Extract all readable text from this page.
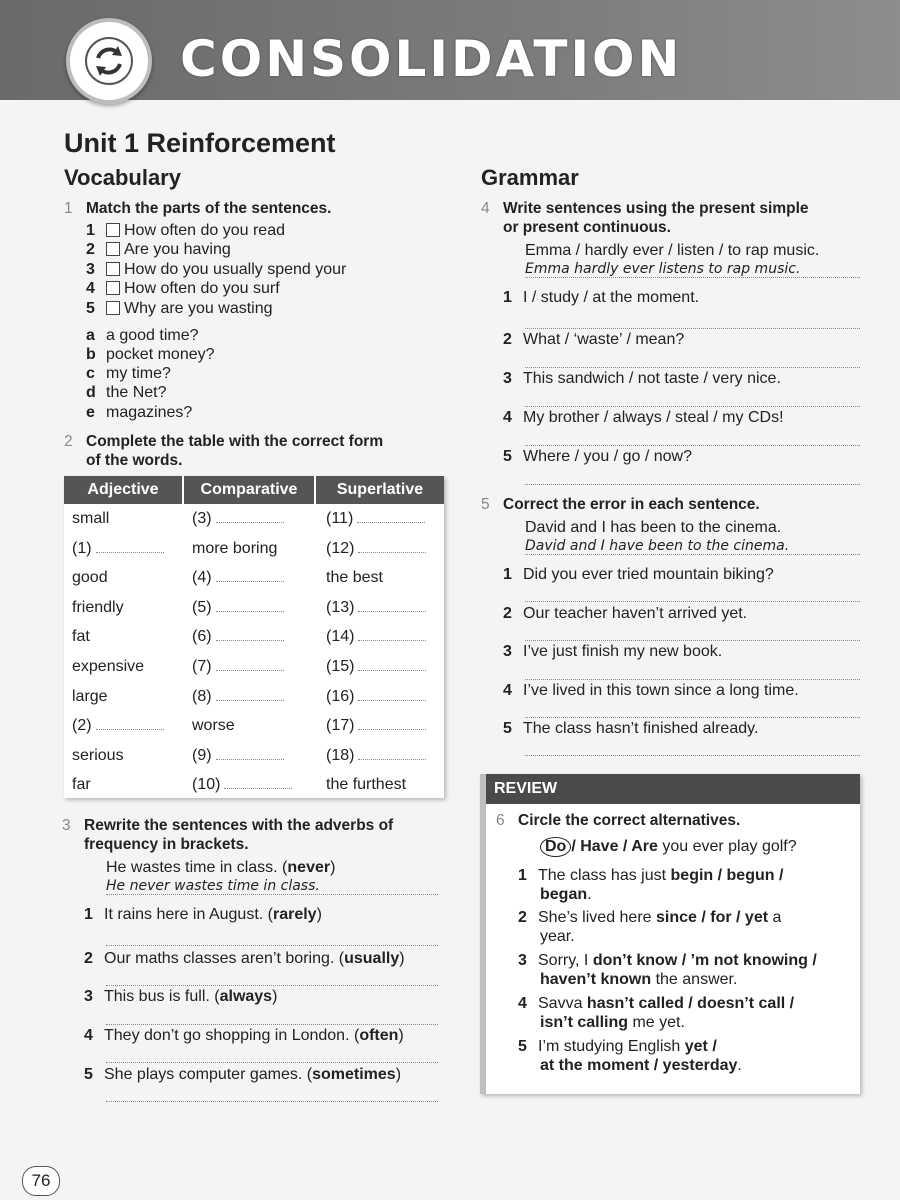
CONSOLIDATION
Unit 1 Reinforcement
Vocabulary
1 Match the parts of the sentences.
1 How often do you read
2 Are you having
3 How do you usually spend your
4 How often do you surf
5 Why are you wasting
a a good time?
b pocket money?
c my time?
d the Net?
e magazines?
2 Complete the table with the correct form
of the words.
Adjective	Comparative	Superlative
small	(3)	(11)
(1)	more boring	(12)
good	(4)	the best
friendly	(5)	(13)
fat	(6)	(14)
expensive	(7)	(15)
large	(8)	(16)
(2)	worse	(17)
serious	(9)	(18)
far	(10)	the furthest
3 Rewrite the sentences with the adverbs of
frequency in brackets.
He wastes time in class. (never)
He never wastes time in class.
1 It rains here in August. (rarely)
2 Our maths classes aren’t boring. (usually)
3 This bus is full. (always)
4 They don’t go shopping in London. (often)
5 She plays computer games. (sometimes)
Grammar
4 Write sentences using the present simple
or present continuous.
Emma / hardly ever / listen / to rap music.
Emma hardly ever listens to rap music.
1 I / study / at the moment.
2 What / ‘waste’ / mean?
3 This sandwich / not taste / very nice.
4 My brother / always / steal / my CDs!
5 Where / you / go / now?
5 Correct the error in each sentence.
David and I has been to the cinema.
David and I have been to the cinema.
1 Did you ever tried mountain biking?
2 Our teacher haven’t arrived yet.
3 I’ve just finish my new book.
4 I’ve lived in this town since a long time.
5 The class hasn’t finished already.
REVIEW
6 Circle the correct alternatives.
Do / Have / Are you ever play golf?
1 The class has just begin / begun /
began.
2 She’s lived here since / for / yet a
year.
3 Sorry, I don’t know / ’m not knowing /
haven’t known the answer.
4 Savva hasn’t called / doesn’t call /
isn’t calling me yet.
5 I’m studying English yet /
at the moment / yesterday.
76
